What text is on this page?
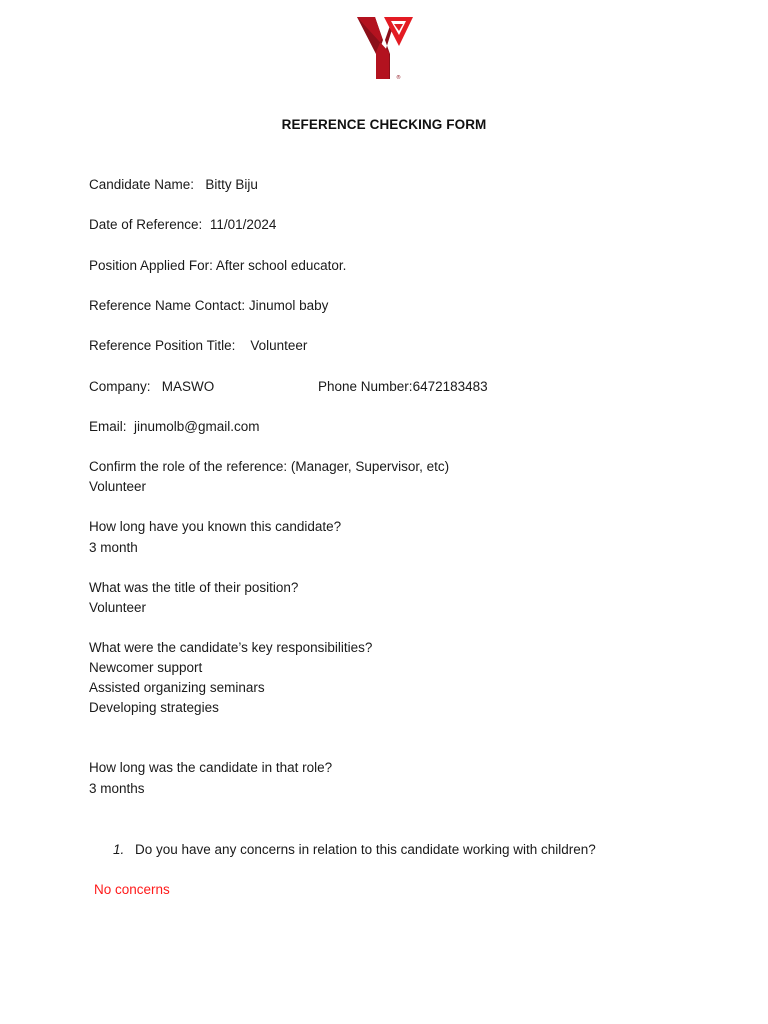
®
REFERENCE CHECKING FORM
Candidate Name: Bitty Biju
Date of Reference: 11/01/2024
Position Applied For: After school educator.
Reference Name Contact: Jinumol baby
Reference Position Title: Volunteer
Company: MASWO	Phone Number:6472183483
Email: jinumolb@gmail.com
Confirm the role of the reference: (Manager, Supervisor, etc)
Volunteer
How long have you known this candidate?
3 month
What was the title of their position?
Volunteer
What were the candidate’s key responsibilities?
Newcomer support
Assisted organizing seminars
Developing strategies
How long was the candidate in that role?
3 months
1. Do you have any concerns in relation to this candidate working with children?
No concerns
